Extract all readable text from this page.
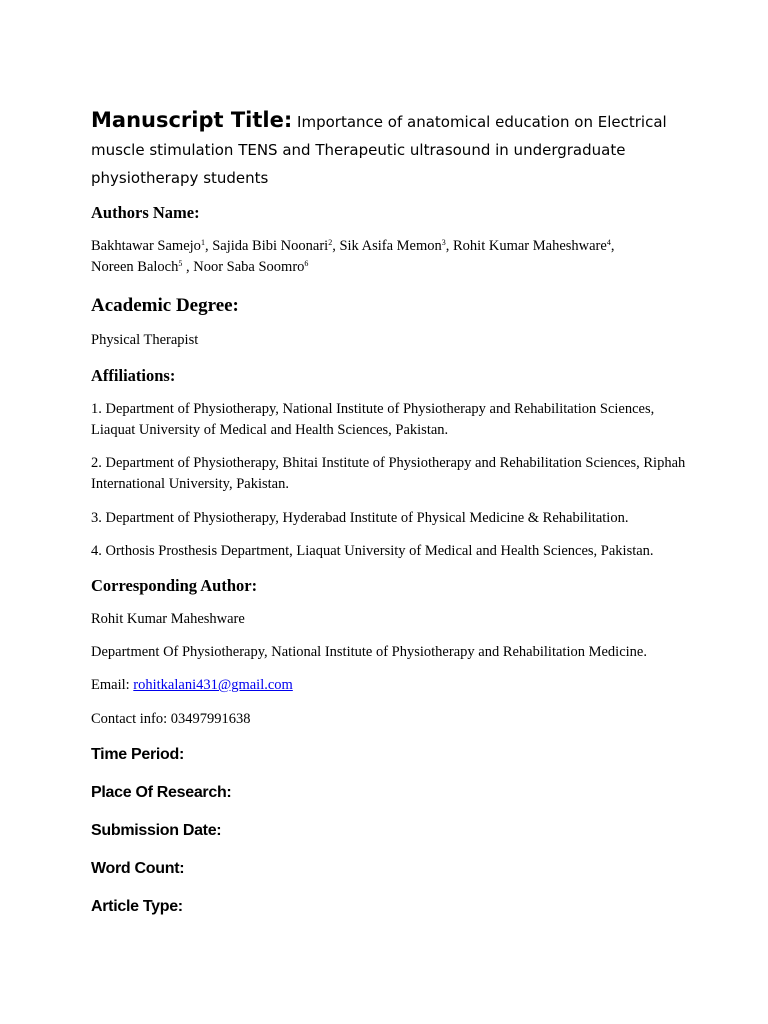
Manuscript Title: Importance of anatomical education on Electrical muscle stimulation TENS and Therapeutic ultrasound in undergraduate physiotherapy students
Authors Name:

Bakhtawar Samejo$^1$, Sajida Bibi Noonari$^2$, Sik Asifa Memon$^3$, Rohit Kumar Maheshware$^4$,
Noreen Baloch$^5$ , Noor Saba Soomro$^6$

Academic Degree:

Physical Therapist

Affiliations:

1. Department of Physiotherapy, National Institute of Physiotherapy and Rehabilitation Sciences, Liaquat University of Medical and Health Sciences, Pakistan.

2. Department of Physiotherapy, Bhitai Institute of Physiotherapy and Rehabilitation Sciences, Riphah International University, Pakistan.

3. Department of Physiotherapy, Hyderabad Institute of Physical Medicine & Rehabilitation.

4. Orthosis Prosthesis Department, Liaquat University of Medical and Health Sciences, Pakistan.

Corresponding Author:

Rohit Kumar Maheshware

Department Of Physiotherapy, National Institute of Physiotherapy and Rehabilitation Medicine.

Email: rohitkalani431@gmail.com

Contact info: 03497991638

Time Period:
Place Of Research:
Submission Date:
Word Count:
Article Type:
